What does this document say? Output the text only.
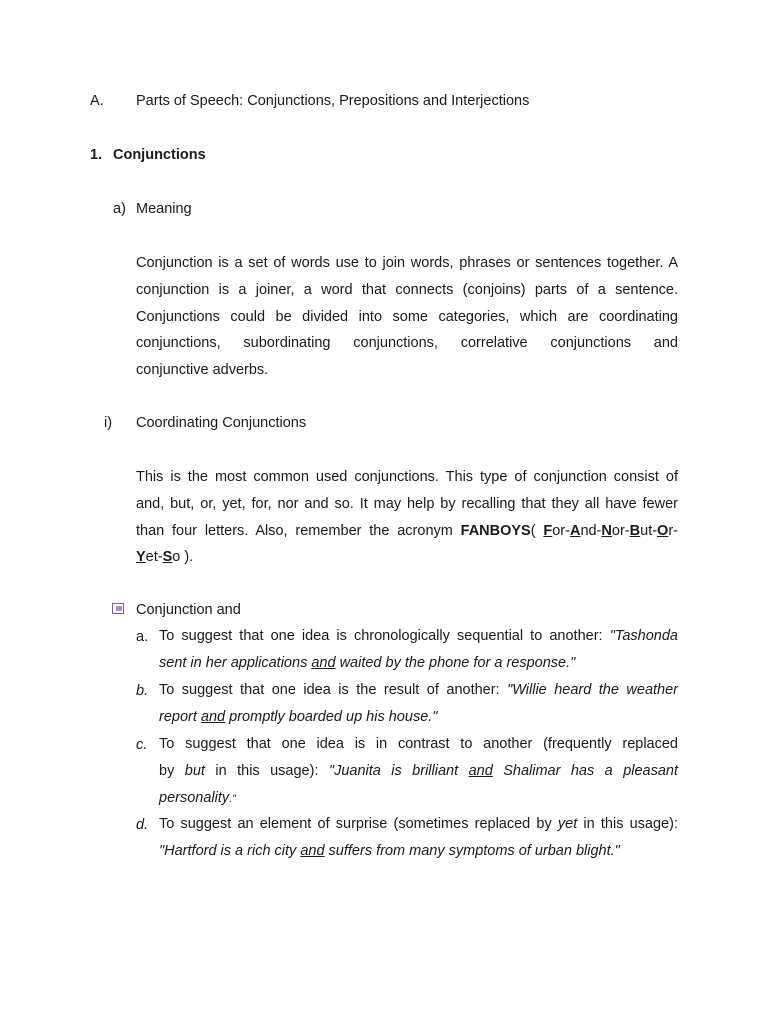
A. Parts of Speech: Conjunctions, Prepositions and Interjections
1. Conjunctions
a) Meaning
Conjunction is a set of words use to join words, phrases or sentences together. A
conjunction is a joiner, a word that connects (conjoins) parts of a sentence.
Conjunctions could be divided into some categories, which are coordinating
conjunctions, subordinating conjunctions, correlative conjunctions and
conjunctive adverbs.
i) Coordinating Conjunctions
This is the most common used conjunctions. This type of conjunction consist of
and, but, or, yet, for, nor and so. It may help by recalling that they all have fewer
than four letters. Also, remember the acronym FANBOYS( For-And-Nor-But-Or-
Yet-So ).
Conjunction and
a. To suggest that one idea is chronologically sequential to another: "Tashonda
sent in her applications and waited by the phone for a response."
b. To suggest that one idea is the result of another: "Willie heard the weather
report and promptly boarded up his house."
c. To suggest that one idea is in contrast to another (frequently replaced
by but in this usage): "Juanita is brilliant and Shalimar has a pleasant
personality."
d. To suggest an element of surprise (sometimes replaced by yet in this usage):
"Hartford is a rich city and suffers from many symptoms of urban blight."
